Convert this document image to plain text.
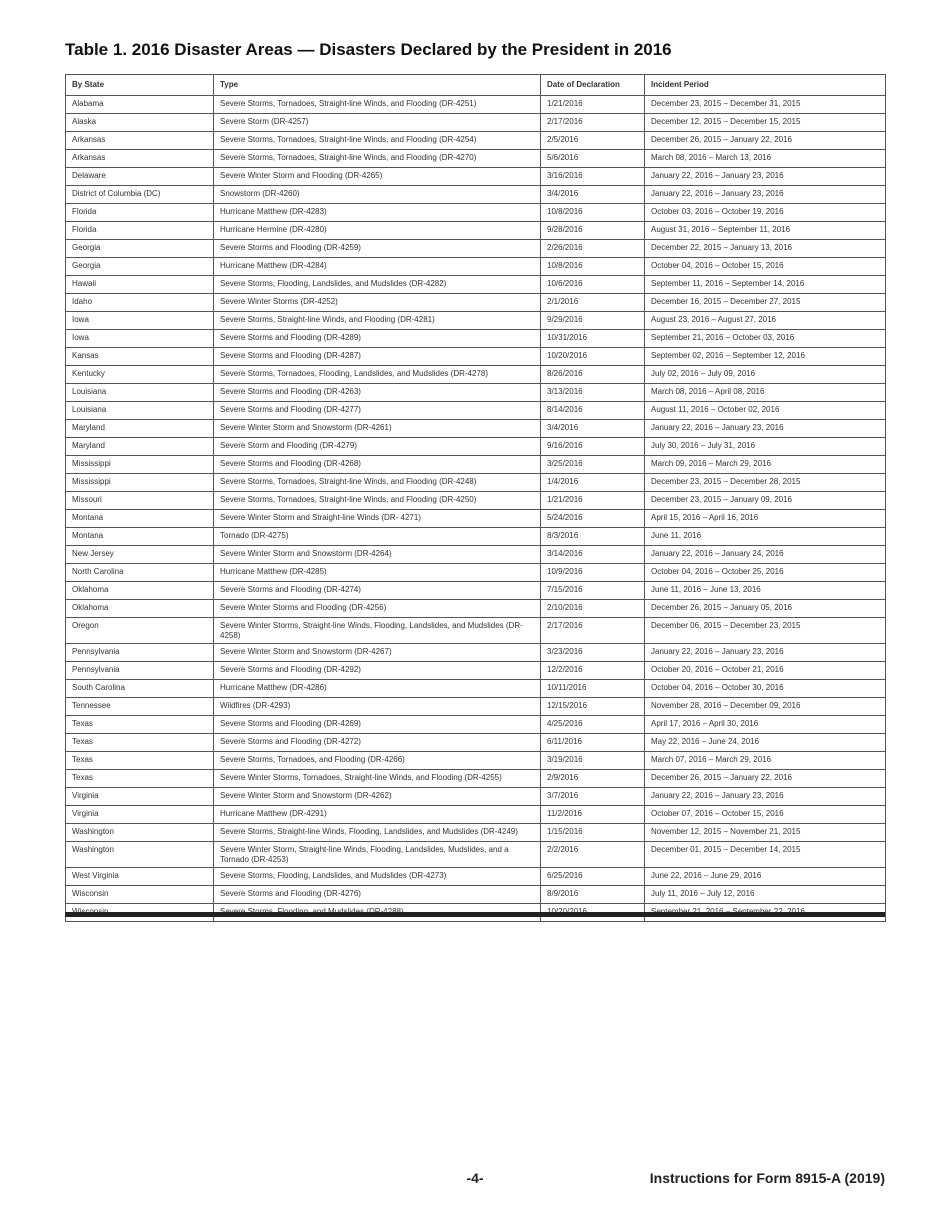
Table 1. 2016 Disaster Areas — Disasters Declared by the President in 2016
By State	Type	Date of Declaration	Incident Period
Alabama	Severe Storms, Tornadoes, Straight-line Winds, and Flooding (DR-4251)	1/21/2016	December 23, 2015 – December 31, 2015
Alaska	Severe Storm (DR-4257)	2/17/2016	December 12, 2015 – December 15, 2015
Arkansas	Severe Storms, Tornadoes, Straight-line Winds, and Flooding (DR-4254)	2/5/2016	December 26, 2015 – January 22, 2016
Arkansas	Severe Storms, Tornadoes, Straight-line Winds, and Flooding (DR-4270)	5/6/2016	March 08, 2016 – March 13, 2016
Delaware	Severe Winter Storm and Flooding (DR-4265)	3/16/2016	January 22, 2016 – January 23, 2016
District of Columbia (DC)	Snowstorm (DR-4260)	3/4/2016	January 22, 2016 – January 23, 2016
Florida	Hurricane Matthew (DR-4283)	10/8/2016	October 03, 2016 – October 19, 2016
Florida	Hurricane Hermine (DR-4280)	9/28/2016	August 31, 2016 – September 11, 2016
Georgia	Severe Storms and Flooding (DR-4259)	2/26/2016	December 22, 2015 – January 13, 2016
Georgia	Hurricane Matthew (DR-4284)	10/8/2016	October 04, 2016 – October 15, 2016
Hawaii	Severe Storms, Flooding, Landslides, and Mudslides (DR-4282)	10/6/2016	September 11, 2016 – September 14, 2016
Idaho	Severe Winter Storms (DR-4252)	2/1/2016	December 16, 2015 – December 27, 2015
Iowa	Severe Storms, Straight-line Winds, and Flooding (DR-4281)	9/29/2016	August 23, 2016 – August 27, 2016
Iowa	Severe Storms and Flooding (DR-4289)	10/31/2016	September 21, 2016 – October 03, 2016
Kansas	Severe Storms and Flooding (DR-4287)	10/20/2016	September 02, 2016 – September 12, 2016
Kentucky	Severe Storms, Tornadoes, Flooding, Landslides, and Mudslides (DR-4278)	8/26/2016	July 02, 2016 – July 09, 2016
Louisiana	Severe Storms and Flooding (DR-4263)	3/13/2016	March 08, 2016 – April 08, 2016
Louisiana	Severe Storms and Flooding (DR-4277)	8/14/2016	August 11, 2016 – October 02, 2016
Maryland	Severe Winter Storm and Snowstorm (DR-4261)	3/4/2016	January 22, 2016 – January 23, 2016
Maryland	Severe Storm and Flooding (DR-4279)	9/16/2016	July 30, 2016 – July 31, 2016
Mississippi	Severe Storms and Flooding (DR-4268)	3/25/2016	March 09, 2016 – March 29, 2016
Mississippi	Severe Storms, Tornadoes, Straight-line Winds, and Flooding (DR-4248)	1/4/2016	December 23, 2015 – December 28, 2015
Missouri	Severe Storms, Tornadoes, Straight-line Winds, and Flooding (DR-4250)	1/21/2016	December 23, 2015 – January 09, 2016
Montana	Severe Winter Storm and Straight-line Winds (DR- 4271)	5/24/2016	April 15, 2016 – April 16, 2016
Montana	Tornado (DR-4275)	8/3/2016	June 11, 2016
New Jersey	Severe Winter Storm and Snowstorm (DR-4264)	3/14/2016	January 22, 2016 – January 24, 2016
North Carolina	Hurricane Matthew (DR-4285)	10/9/2016	October 04, 2016 – October 25, 2016
Oklahoma	Severe Storms and Flooding (DR-4274)	7/15/2016	June 11, 2016 – June 13, 2016
Oklahoma	Severe Winter Storms and Flooding (DR-4256)	2/10/2016	December 26, 2015 – January 05, 2016
Oregon	Severe Winter Storms, Straight-line Winds, Flooding, Landslides, and Mudslides (DR-4258)	2/17/2016	December 06, 2015 – December 23, 2015
Pennsylvania	Severe Winter Storm and Snowstorm (DR-4267)	3/23/2016	January 22, 2016 – January 23, 2016
Pennsylvania	Severe Storms and Flooding (DR-4292)	12/2/2016	October 20, 2016 – October 21, 2016
South Carolina	Hurricane Matthew (DR-4286)	10/11/2016	October 04, 2016 – October 30, 2016
Tennessee	Wildfires (DR-4293)	12/15/2016	November 28, 2016 – December 09, 2016
Texas	Severe Storms and Flooding (DR-4269)	4/25/2016	April 17, 2016 – April 30, 2016
Texas	Severe Storms and Flooding (DR-4272)	6/11/2016	May 22, 2016 – June 24, 2016
Texas	Severe Storms, Tornadoes, and Flooding (DR-4266)	3/19/2016	March 07, 2016 – March 29, 2016
Texas	Severe Winter Storms, Tornadoes, Straight-line Winds, and Flooding (DR-4255)	2/9/2016	December 26, 2015 – January 22, 2016
Virginia	Severe Winter Storm and Snowstorm (DR-4262)	3/7/2016	January 22, 2016 – January 23, 2016
Virginia	Hurricane Matthew (DR-4291)	11/2/2016	October 07, 2016 – October 15, 2016
Washington	Severe Storms, Straight-line Winds, Flooding, Landslides, and Mudslides (DR-4249)	1/15/2016	November 12, 2015 – November 21, 2015
Washington	Severe Winter Storm, Straight-line Winds, Flooding, Landslides, Mudslides, and a Tornado (DR-4253)	2/2/2016	December 01, 2015 – December 14, 2015
West Virginia	Severe Storms, Flooding, Landslides, and Mudslides (DR-4273)	6/25/2016	June 22, 2016 – June 29, 2016
Wisconsin	Severe Storms and Flooding (DR-4276)	8/9/2016	July 11, 2016 – July 12, 2016

-4-	Instructions for Form 8915-A (2019)
